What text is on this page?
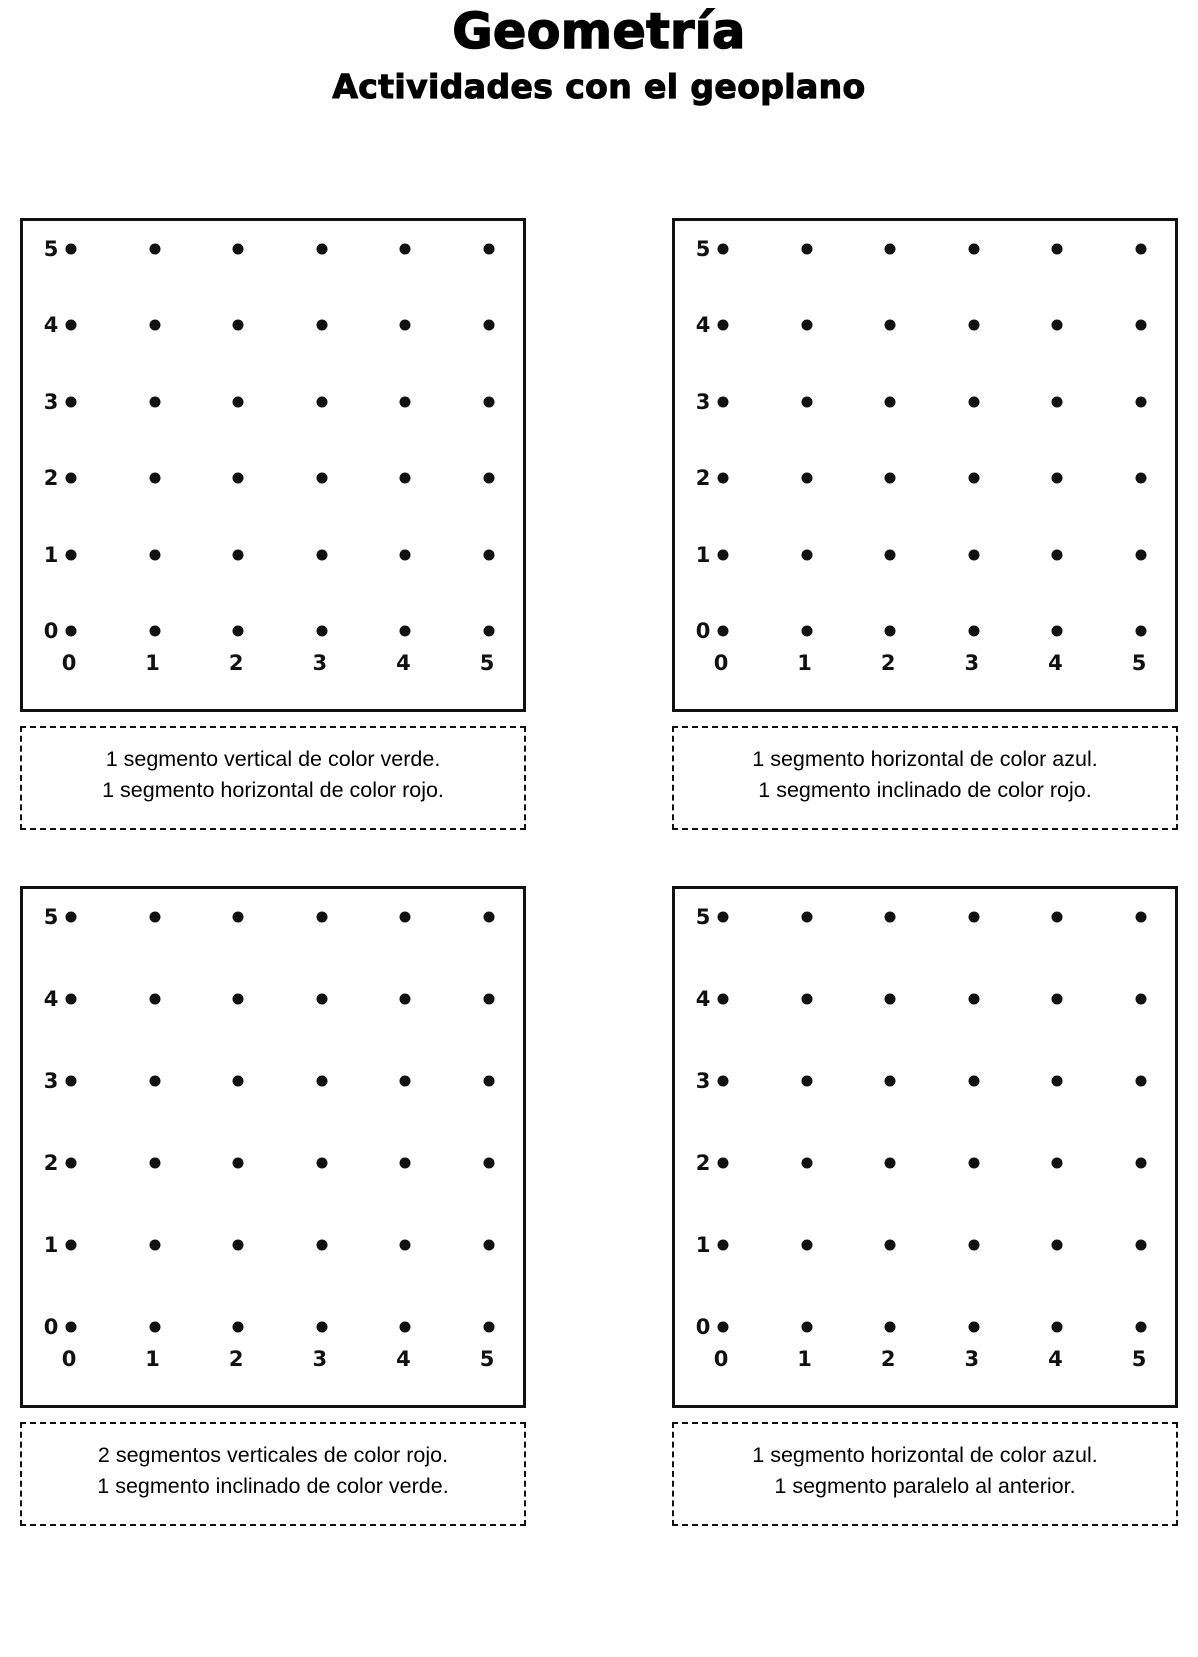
Geometría
Actividades con el geoplano
5
4
3
2
1
0
0	1	2	3	4	5
1 segmento vertical de color verde.
1 segmento horizontal de color rojo.
5
4
3
2
1
0
0	1	2	3	4	5
1 segmento horizontal de color azul.
1 segmento inclinado de color rojo.
5
4
3
2
1
0
0	1	2	3	4	5
2 segmentos verticales de color rojo.
1 segmento inclinado de color verde.
5
4
3
2
1
0
0	1	2	3	4	5
1 segmento horizontal de color azul.
1 segmento paralelo al anterior.
